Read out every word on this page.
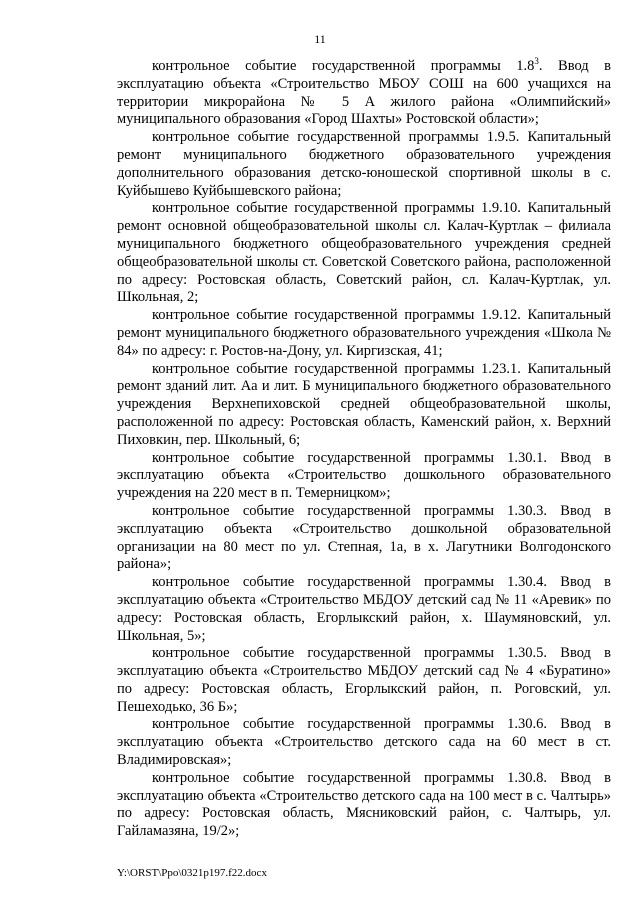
11

контрольное событие государственной программы $1.8^3$. Ввод в эксплуатацию объекта «Строительство МБОУ СОШ на 600 учащихся на территории микрорайона № 5 А жилого района «Олимпийский» муниципального образования «Город Шахты» Ростовской области»;

контрольное событие государственной программы 1.9.5. Капитальный ремонт муниципального бюджетного образовательного учреждения дополнительного образования детско-юношеской спортивной школы в с. Куйбышево Куйбышевского района;

контрольное событие государственной программы 1.9.10. Капитальный ремонт основной общеобразовательной школы сл. Калач-Куртлак – филиала муниципального бюджетного общеобразовательного учреждения средней общеобразовательной школы ст. Советской Советского района, расположенной по адресу: Ростовская область, Советский район, сл. Калач-Куртлак, ул. Школьная, 2;

контрольное событие государственной программы 1.9.12. Капитальный ремонт муниципального бюджетного образовательного учреждения «Школа № 84» по адресу: г. Ростов-на-Дону, ул. Киргизская, 41;

контрольное событие государственной программы 1.23.1. Капитальный ремонт зданий лит. Аа и лит. Б муниципального бюджетного образовательного учреждения Верхнепиховской средней общеобразовательной школы, расположенной по адресу: Ростовская область, Каменский район, х. Верхний Пиховкин, пер. Школьный, 6;

контрольное событие государственной программы 1.30.1. Ввод в эксплуатацию объекта «Строительство дошкольного образовательного учреждения на 220 мест в п. Темерницком»;

контрольное событие государственной программы 1.30.3. Ввод в эксплуатацию объекта «Строительство дошкольной образовательной организации на 80 мест по ул. Степная, 1а, в х. Лагутники Волгодонского района»;

контрольное событие государственной программы 1.30.4. Ввод в эксплуатацию объекта «Строительство МБДОУ детский сад № 11 «Аревик» по адресу: Ростовская область, Егорлыкский район, х. Шаумяновский, ул. Школьная, 5»;

контрольное событие государственной программы 1.30.5. Ввод в эксплуатацию объекта «Строительство МБДОУ детский сад № 4 «Буратино» по адресу: Ростовская область, Егорлыкский район, п. Роговский, ул. Пешеходько, 36 Б»;

контрольное событие государственной программы 1.30.6. Ввод в эксплуатацию объекта «Строительство детского сада на 60 мест в ст. Владимировская»;

контрольное событие государственной программы 1.30.8. Ввод в эксплуатацию объекта «Строительство детского сада на 100 мест в с. Чалтырь» по адресу: Ростовская область, Мясниковский район, с. Чалтырь, ул. Гайламазяна, 19/2»;

Y:\ORST\Ppo\0321p197.f22.docx
